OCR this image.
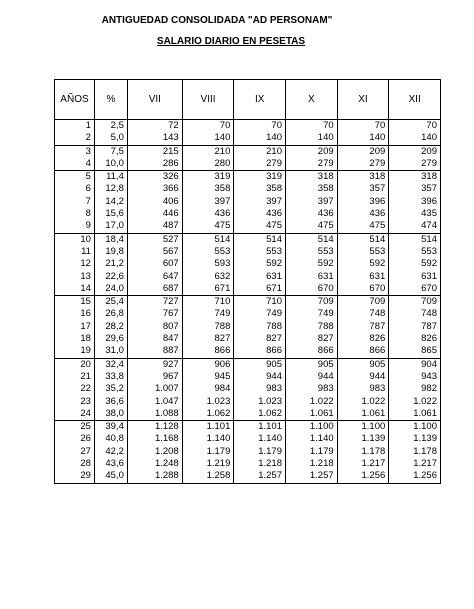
ANTIGUEDAD CONSOLIDADA "AD PERSONAM"
SALARIO DIARIO EN PESETAS
AÑOS	%	VII	VIII	IX	X	XI	XII
1	2,5	72	70	70	70	70	70
2	5,0	143	140	140	140	140	140
3	7,5	215	210	210	209	209	209
4	10,0	286	280	279	279	279	279
5	11,4	326	319	319	318	318	318
6	12,8	366	358	358	358	357	357
7	14,2	406	397	397	397	396	396
8	15,6	446	436	436	436	436	435
9	17,0	487	475	475	475	475	474
10	18,4	527	514	514	514	514	514
11	19,8	567	553	553	553	553	553
12	21,2	607	593	592	592	592	592
13	22,6	647	632	631	631	631	631
14	24,0	687	671	671	670	670	670
15	25,4	727	710	710	709	709	709
16	26,8	767	749	749	749	748	748
17	28,2	807	788	788	788	787	787
18	29,6	847	827	827	827	826	826
19	31,0	887	866	866	866	866	865
20	32,4	927	906	905	905	905	904
21	33,8	967	945	944	944	944	943
22	35,2	1.007	984	983	983	983	982
23	36,6	1.047	1.023	1.023	1.022	1.022	1.022
24	38,0	1.088	1.062	1.062	1.061	1.061	1.061
25	39,4	1.128	1.101	1.101	1.100	1.100	1.100
26	40,8	1.168	1.140	1.140	1.140	1.139	1.139
27	42,2	1.208	1.179	1.179	1.179	1.178	1.178
28	43,6	1.248	1.219	1.218	1.218	1.217	1.217
29	45,0	1.288	1.258	1.257	1.257	1.256	1.256
